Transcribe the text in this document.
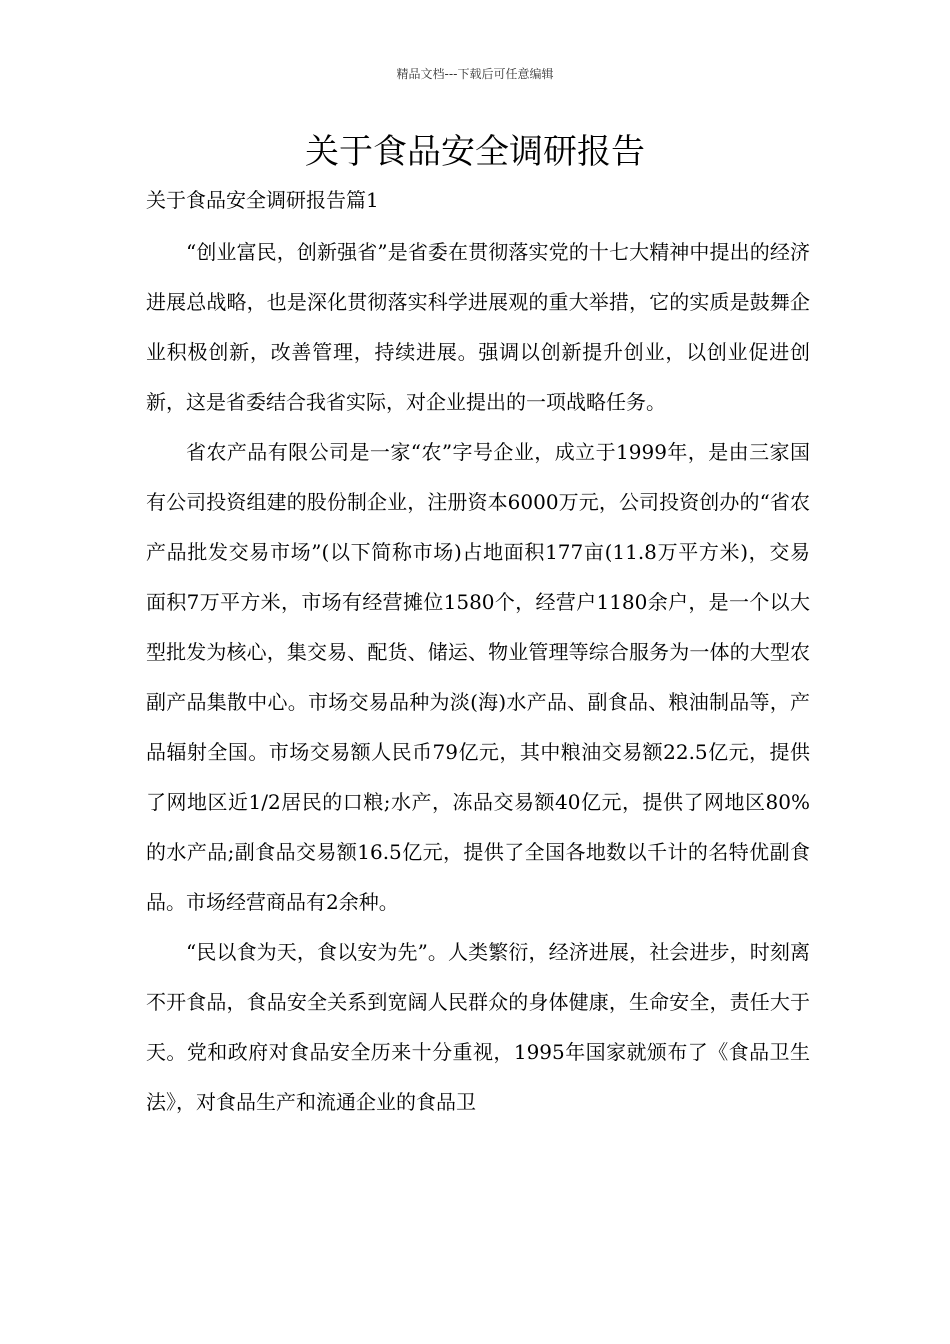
精品文档---下载后可任意编辑
关于食品安全调研报告
关于食品安全调研报告篇1

“创业富民，创新强省”是省委在贯彻落实党的十七大精神中提出的经济进展总战略，也是深化贯彻落实科学进展观的重大举措，它的实质是鼓舞企业积极创新，改善管理，持续进展。强调以创新提升创业，以创业促进创新，这是省委结合我省实际，对企业提出的一项战略任务。

省农产品有限公司是一家“农”字号企业，成立于1999年，是由三家国有公司投资组建的股份制企业，注册资本6000万元，公司投资创办的“省农产品批发交易市场”(以下简称市场)占地面积177亩(11.8万平方米)，交易面积7万平方米，市场有经营摊位1580个，经营户1180余户，是一个以大型批发为核心，集交易、配货、储运、物业管理等综合服务为一体的大型农副产品集散中心。市场交易品种为淡(海)水产品、副食品、粮油制品等，产品辐射全国。市场交易额人民币79亿元，其中粮油交易额22.5亿元，提供了网地区近1/2居民的口粮;水产，冻品交易额40亿元，提供了网地区80%的水产品;副食品交易额16.5亿元，提供了全国各地数以千计的名特优副食品。市场经营商品有2余种。

“民以食为天，食以安为先”。人类繁衍，经济进展，社会进步，时刻离不开食品，食品安全关系到宽阔人民群众的身体健康，生命安全，责任大于天。党和政府对食品安全历来十分重视，1995年国家就颁布了《食品卫生法》，对食品生产和流通企业的食品卫
